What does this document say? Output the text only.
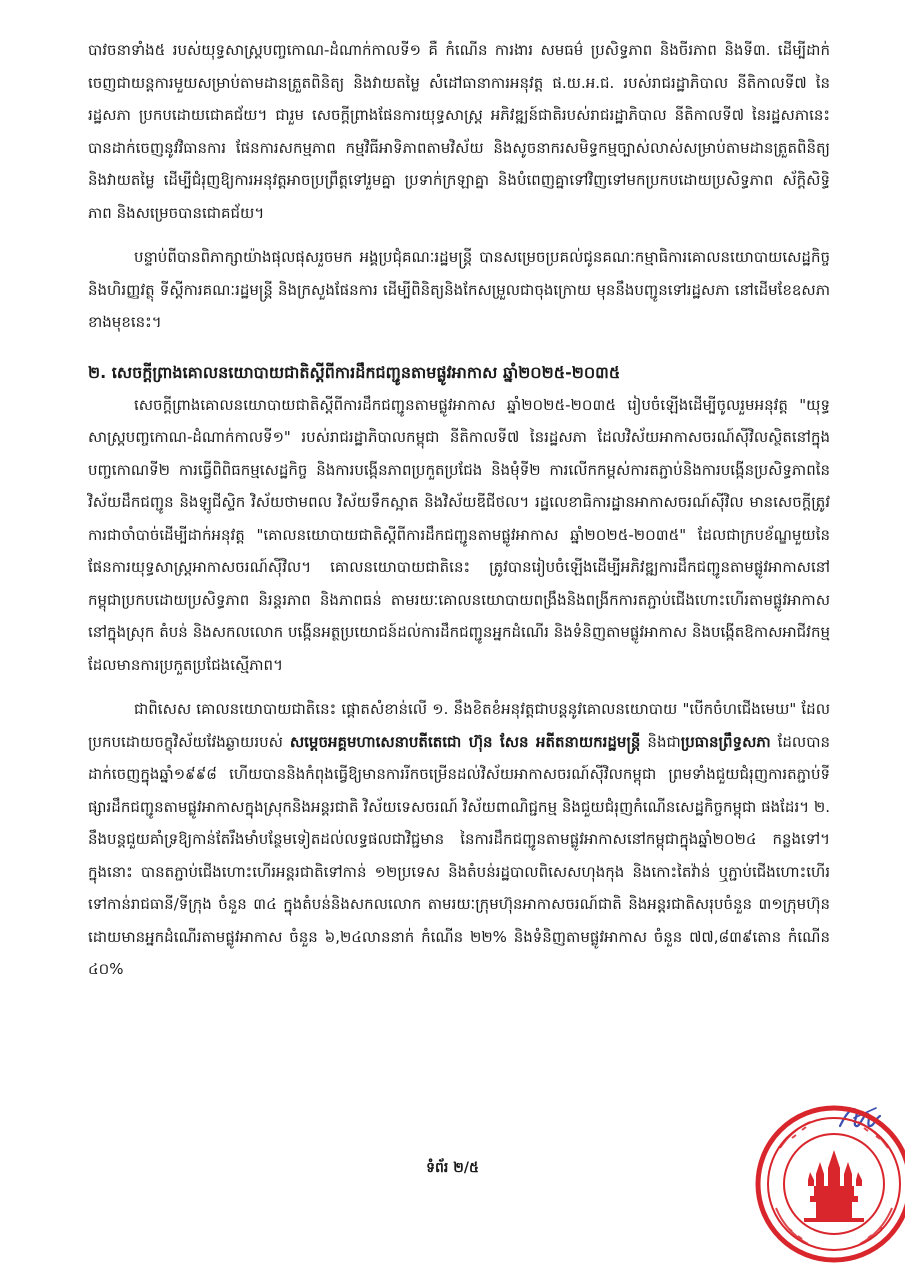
បាវចនាទាំង៥ របស់យុទ្ធសាស្ត្របញ្ចកោណ-ដំណាក់កាលទី១ គឺ កំណើន ការងារ សមធម៌ ប្រសិទ្ធភាព និងចីរភាព និងទី៣. ដើម្បីដាក់ចេញជាយន្តការមួយសម្រាប់តាមដានត្រួតពិនិត្យ និងវាយតម្លៃ សំដៅធានាការអនុវត្ត ផ.យ.អ.ជ. របស់រាជរដ្ឋាភិបាល នីតិកាលទី៧ នៃរដ្ឋសភា ប្រកបដោយជោគជ័យ។ ជារួម សេចក្តីព្រាងផែនការយុទ្ធសាស្ត្រ អភិវឌ្ឍន៍ជាតិរបស់រាជរដ្ឋាភិបាល នីតិកាលទី៧ នៃរដ្ឋសភានេះ បានដាក់ចេញនូវវិធានការ ផែនការសកម្មភាព កម្មវិធីអាទិភាពតាមវិស័យ និងសូចនាករសមិទ្ធកម្មច្បាស់លាស់សម្រាប់តាមដានត្រួតពិនិត្យ និងវាយតម្លៃ ដើម្បីជំរុញឱ្យការអនុវត្តអាចប្រព្រឹត្តទៅរួមគ្នា ប្រទាក់ក្រឡាគ្នា និងបំពេញគ្នាទៅវិញទៅមកប្រកបដោយប្រសិទ្ធភាព ស័ក្តិសិទ្ធិភាព និងសម្រេចបានជោគជ័យ។

បន្ទាប់ពីបានពិភាក្សាយ៉ាងផុលផុសរួចមក អង្គប្រជុំគណៈរដ្ឋមន្ត្រី បានសម្រេចប្រគល់ជូនគណៈកម្មាធិការគោលនយោបាយសេដ្ឋកិច្ចនិងហិរញ្ញវត្ថុ ទីស្តីការគណៈរដ្ឋមន្ត្រី និងក្រសួងផែនការ ដើម្បីពិនិត្យនិងកែសម្រួលជាចុងក្រោយ មុននឹងបញ្ជូនទៅរដ្ឋសភា នៅដើមខែឧសភាខាងមុខនេះ។

២. សេចក្តីព្រាងគោលនយោបាយជាតិស្តីពីការដឹកជញ្ជូនតាមផ្លូវអាកាស ឆ្នាំ២០២៥-២០៣៥

សេចក្តីព្រាងគោលនយោបាយជាតិស្តីពីការដឹកជញ្ជូនតាមផ្លូវអាកាស ឆ្នាំ២០២៥-២០៣៥ រៀបចំឡើងដើម្បីចូលរួមអនុវត្ត "យុទ្ធសាស្ត្របញ្ចកោណ-ដំណាក់កាលទី១" របស់រាជរដ្ឋាភិបាលកម្ពុជា នីតិកាលទី៧ នៃរដ្ឋសភា ដែលវិស័យអាកាសចរណ៍ស៊ីវិលស្ថិតនៅក្នុងបញ្ចកោណទី២ ការធ្វើពិពិធកម្មសេដ្ឋកិច្ច និងការបង្កើនភាពប្រកួតប្រជែង និងមុំទី២ ការលើកកម្ពស់ការតភ្ជាប់និងការបង្កើនប្រសិទ្ធភាពនៃវិស័យដឹកជញ្ជូន និងឡូជីស្ទិក វិស័យថាមពល វិស័យទឹកស្អាត និងវិស័យឌីជីថល។ រដ្ឋលេខាធិការដ្ឋានអាកាសចរណ៍ស៊ីវិល មានសេចក្តីត្រូវការជាចាំបាច់ដើម្បីដាក់អនុវត្ត "គោលនយោបាយជាតិស្តីពីការដឹកជញ្ជូនតាមផ្លូវអាកាស ឆ្នាំ២០២៥-២០៣៥" ដែលជាក្របខ័ណ្ឌមួយនៃផែនការយុទ្ធសាស្ត្រអាកាសចរណ៍ស៊ីវិល។ គោលនយោបាយជាតិនេះ ត្រូវបានរៀបចំឡើងដើម្បីអភិវឌ្ឍការដឹកជញ្ជូនតាមផ្លូវអាកាសនៅកម្ពុជាប្រកបដោយប្រសិទ្ធភាព និរន្តរភាព និងភាពធន់ តាមរយៈគោលនយោបាយពង្រឹងនិងពង្រីកការតភ្ជាប់ជើងហោះហើរតាមផ្លូវអាកាសនៅក្នុងស្រុក តំបន់ និងសកលលោក បង្កើនអត្ថប្រយោជន៍ដល់ការដឹកជញ្ជូនអ្នកដំណើរ និងទំនិញតាមផ្លូវអាកាស និងបង្កើតឱកាសអាជីវកម្មដែលមានការប្រកួតប្រជែងស្មើភាព។

ជាពិសេស គោលនយោបាយជាតិនេះ ផ្តោតសំខាន់លើ ១. នឹងខិតខំអនុវត្តជាបន្តនូវគោលនយោបាយ "បើកចំហជើងមេឃ" ដែលប្រកបដោយចក្ខុវិស័យវែងឆ្ងាយរបស់ សម្តេចអគ្គមហាសេនាបតីតេជោ ហ៊ុន សែន អតីតនាយករដ្ឋមន្ត្រី និងជាប្រធានព្រឹទ្ធសភា ដែលបានដាក់ចេញក្នុងឆ្នាំ១៩៩៨ ហើយបាននិងកំពុងធ្វើឱ្យមានការរីកចម្រើនដល់វិស័យអាកាសចរណ៍ស៊ីវិលកម្ពុជា ព្រមទាំងជួយជំរុញការតភ្ជាប់ទីផ្សារដឹកជញ្ជូនតាមផ្លូវអាកាសក្នុងស្រុកនិងអន្តរជាតិ វិស័យទេសចរណ៍ វិស័យពាណិជ្ជកម្ម និងជួយជំរុញកំណើនសេដ្ឋកិច្ចកម្ពុជា ផងដែរ។ ២. នឹងបន្តជួយគាំទ្រឱ្យកាន់តែរឹងមាំបន្ថែមទៀតដល់លទ្ធផលជាវិជ្ជមាន នៃការដឹកជញ្ជូនតាមផ្លូវអាកាសនៅកម្ពុជាក្នុងឆ្នាំ២០២៤ កន្លងទៅ។ ក្នុងនោះ បានតភ្ជាប់ជើងហោះហើរអន្តរជាតិទៅកាន់ ១២ប្រទេស និងតំបន់រដ្ឋបាលពិសេសហុងកុង និងកោះតៃវ៉ាន់ ឬភ្ជាប់ជើងហោះហើរទៅកាន់រាជធានី/ទីក្រុង ចំនួន ៣៤ ក្នុងតំបន់និងសកលលោក តាមរយៈក្រុមហ៊ុនអាកាសចរណ៍ជាតិ និងអន្តរជាតិសរុបចំនួន ៣១ក្រុមហ៊ុន ដោយមានអ្នកដំណើរតាមផ្លូវអាកាស ចំនួន ៦,២៤លាននាក់ កំណើន ២២% និងទំនិញតាមផ្លូវអាកាស ចំនួន ៧៧,៨៣៩តោន កំណើន ៤០%

ទំព័រ ២/៥
